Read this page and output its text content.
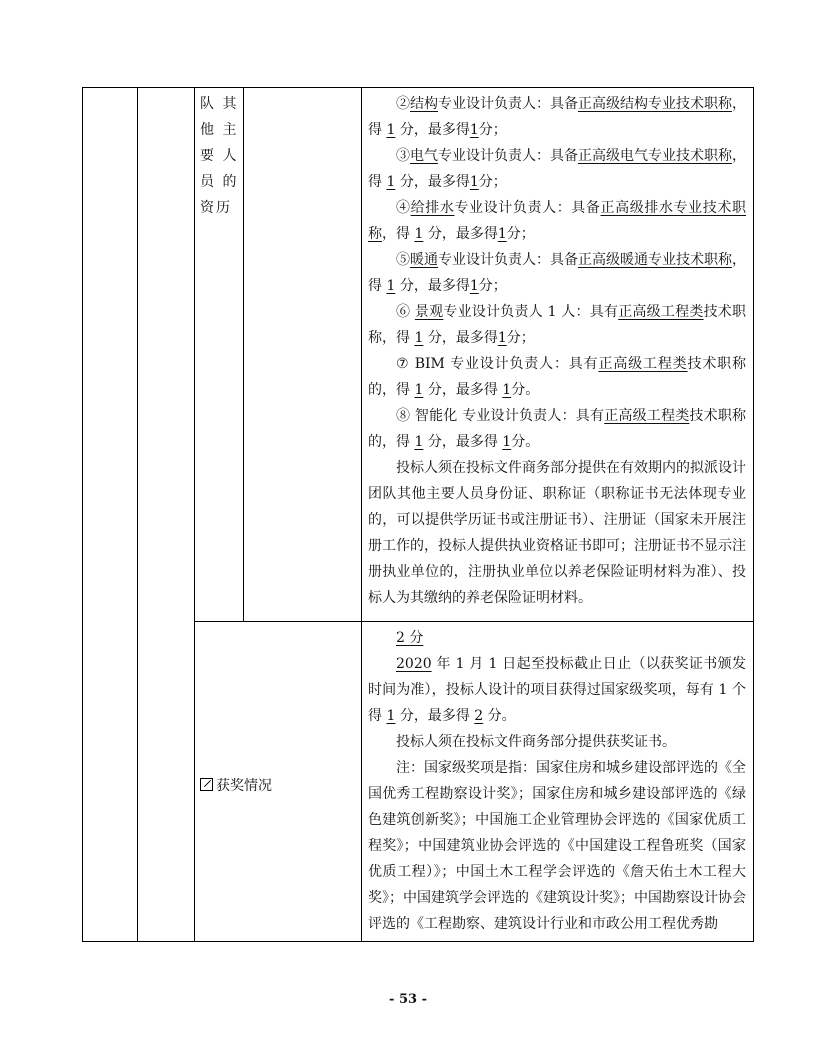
队 其
他 主
要 人
员 的
资历

②结构专业设计负责人：具备正高级结构专业技术职称，得 1 分，最多得1分；

③电气专业设计负责人：具备正高级电气专业技术职称，得 1 分，最多得1分；

④给排水专业设计负责人：具备正高级排水专业技术职称，得 1 分，最多得1分；

⑤暖通专业设计负责人：具备正高级暖通专业技术职称，得 1 分，最多得1分；

⑥ 景观专业设计负责人 1 人：具有正高级工程类技术职称，得 1 分，最多得1分；

⑦ BIM 专业设计负责人：具有正高级工程类技术职称的，得 1 分，最多得 1分。

⑧ 智能化 专业设计负责人：具有正高级工程类技术职称的，得 1 分，最多得 1分。

投标人须在投标文件商务部分提供在有效期内的拟派设计团队其他主要人员身份证、职称证（职称证书无法体现专业的，可以提供学历证书或注册证书）、注册证（国家未开展注册工作的，投标人提供执业资格证书即可；注册证书不显示注册执业单位的，注册执业单位以养老保险证明材料为准）、投标人为其缴纳的养老保险证明材料。

获奖情况

2 分

2020 年 1 月 1 日起至投标截止日止（以获奖证书颁发时间为准），投标人设计的项目获得过国家级奖项，每有 1 个得 1 分，最多得 2 分。

投标人须在投标文件商务部分提供获奖证书。

注：国家级奖项是指：国家住房和城乡建设部评选的《全国优秀工程勘察设计奖》；国家住房和城乡建设部评选的《绿色建筑创新奖》；中国施工企业管理协会评选的《国家优质工程奖》；中国建筑业协会评选的《中国建设工程鲁班奖（国家优质工程）》；中国土木工程学会评选的《詹天佑土木工程大奖》；中国建筑学会评选的《建筑设计奖》；中国勘察设计协会评选的《工程勘察、建筑设计行业和市政公用工程优秀勘

- 53 -
